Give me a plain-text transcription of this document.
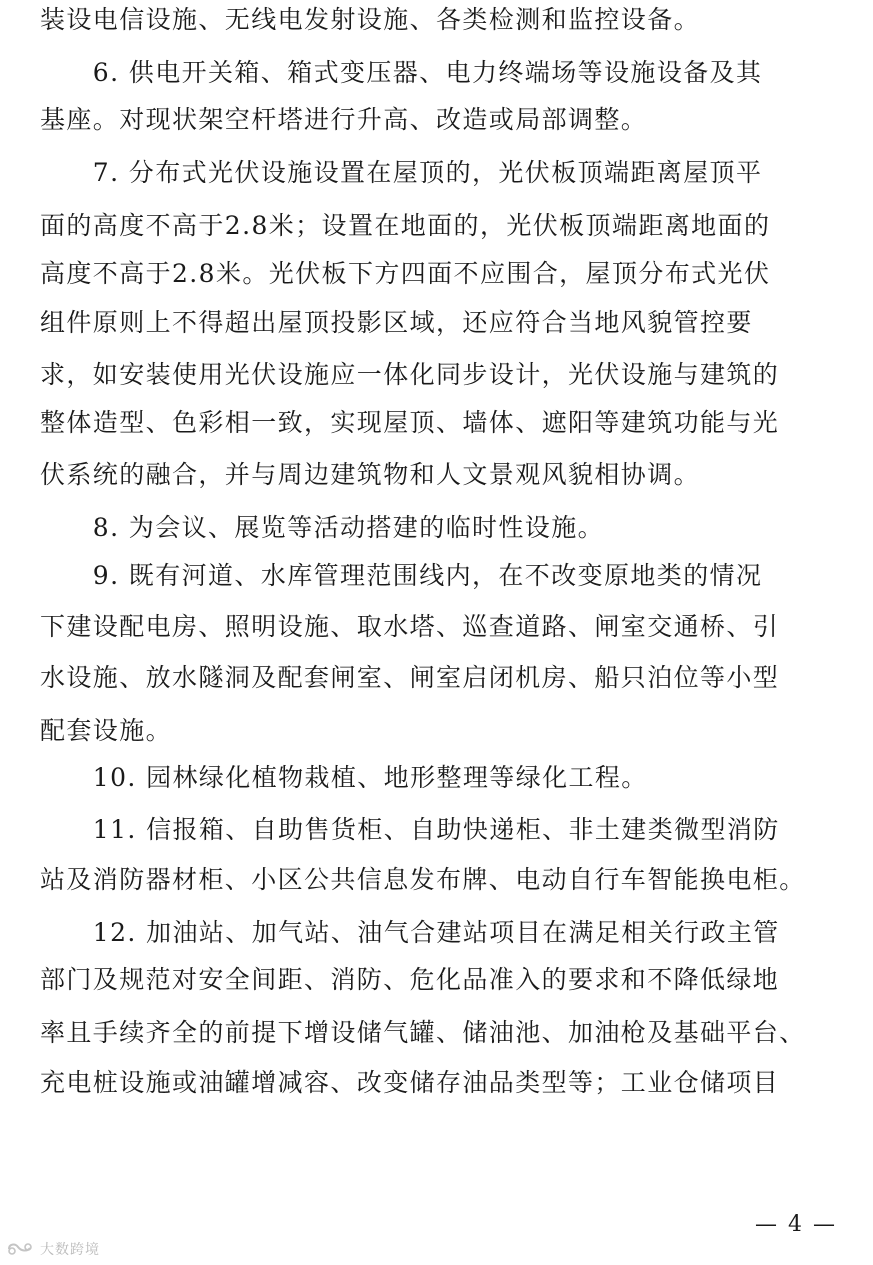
装设电信设施、无线电发射设施、各类检测和监控设备。
　　6. 供电开关箱、箱式变压器、电力终端场等设施设备及其
基座。对现状架空杆塔进行升高、改造或局部调整。
　　7. 分布式光伏设施设置在屋顶的，光伏板顶端距离屋顶平
面的高度不高于2.8米；设置在地面的，光伏板顶端距离地面的
高度不高于2.8米。光伏板下方四面不应围合，屋顶分布式光伏
组件原则上不得超出屋顶投影区域，还应符合当地风貌管控要
求，如安装使用光伏设施应一体化同步设计，光伏设施与建筑的
整体造型、色彩相一致，实现屋顶、墙体、遮阳等建筑功能与光
伏系统的融合，并与周边建筑物和人文景观风貌相协调。
　　8. 为会议、展览等活动搭建的临时性设施。
　　9. 既有河道、水库管理范围线内，在不改变原地类的情况
下建设配电房、照明设施、取水塔、巡查道路、闸室交通桥、引
水设施、放水隧洞及配套闸室、闸室启闭机房、船只泊位等小型
配套设施。
　　10. 园林绿化植物栽植、地形整理等绿化工程。
　　11. 信报箱、自助售货柜、自助快递柜、非土建类微型消防
站及消防器材柜、小区公共信息发布牌、电动自行车智能换电柜。
　　12. 加油站、加气站、油气合建站项目在满足相关行政主管
部门及规范对安全间距、消防、危化品准入的要求和不降低绿地
率且手续齐全的前提下增设储气罐、储油池、加油枪及基础平台、
充电桩设施或油罐增减容、改变储存油品类型等；工业仓储项目
— 4 —
大数跨境
